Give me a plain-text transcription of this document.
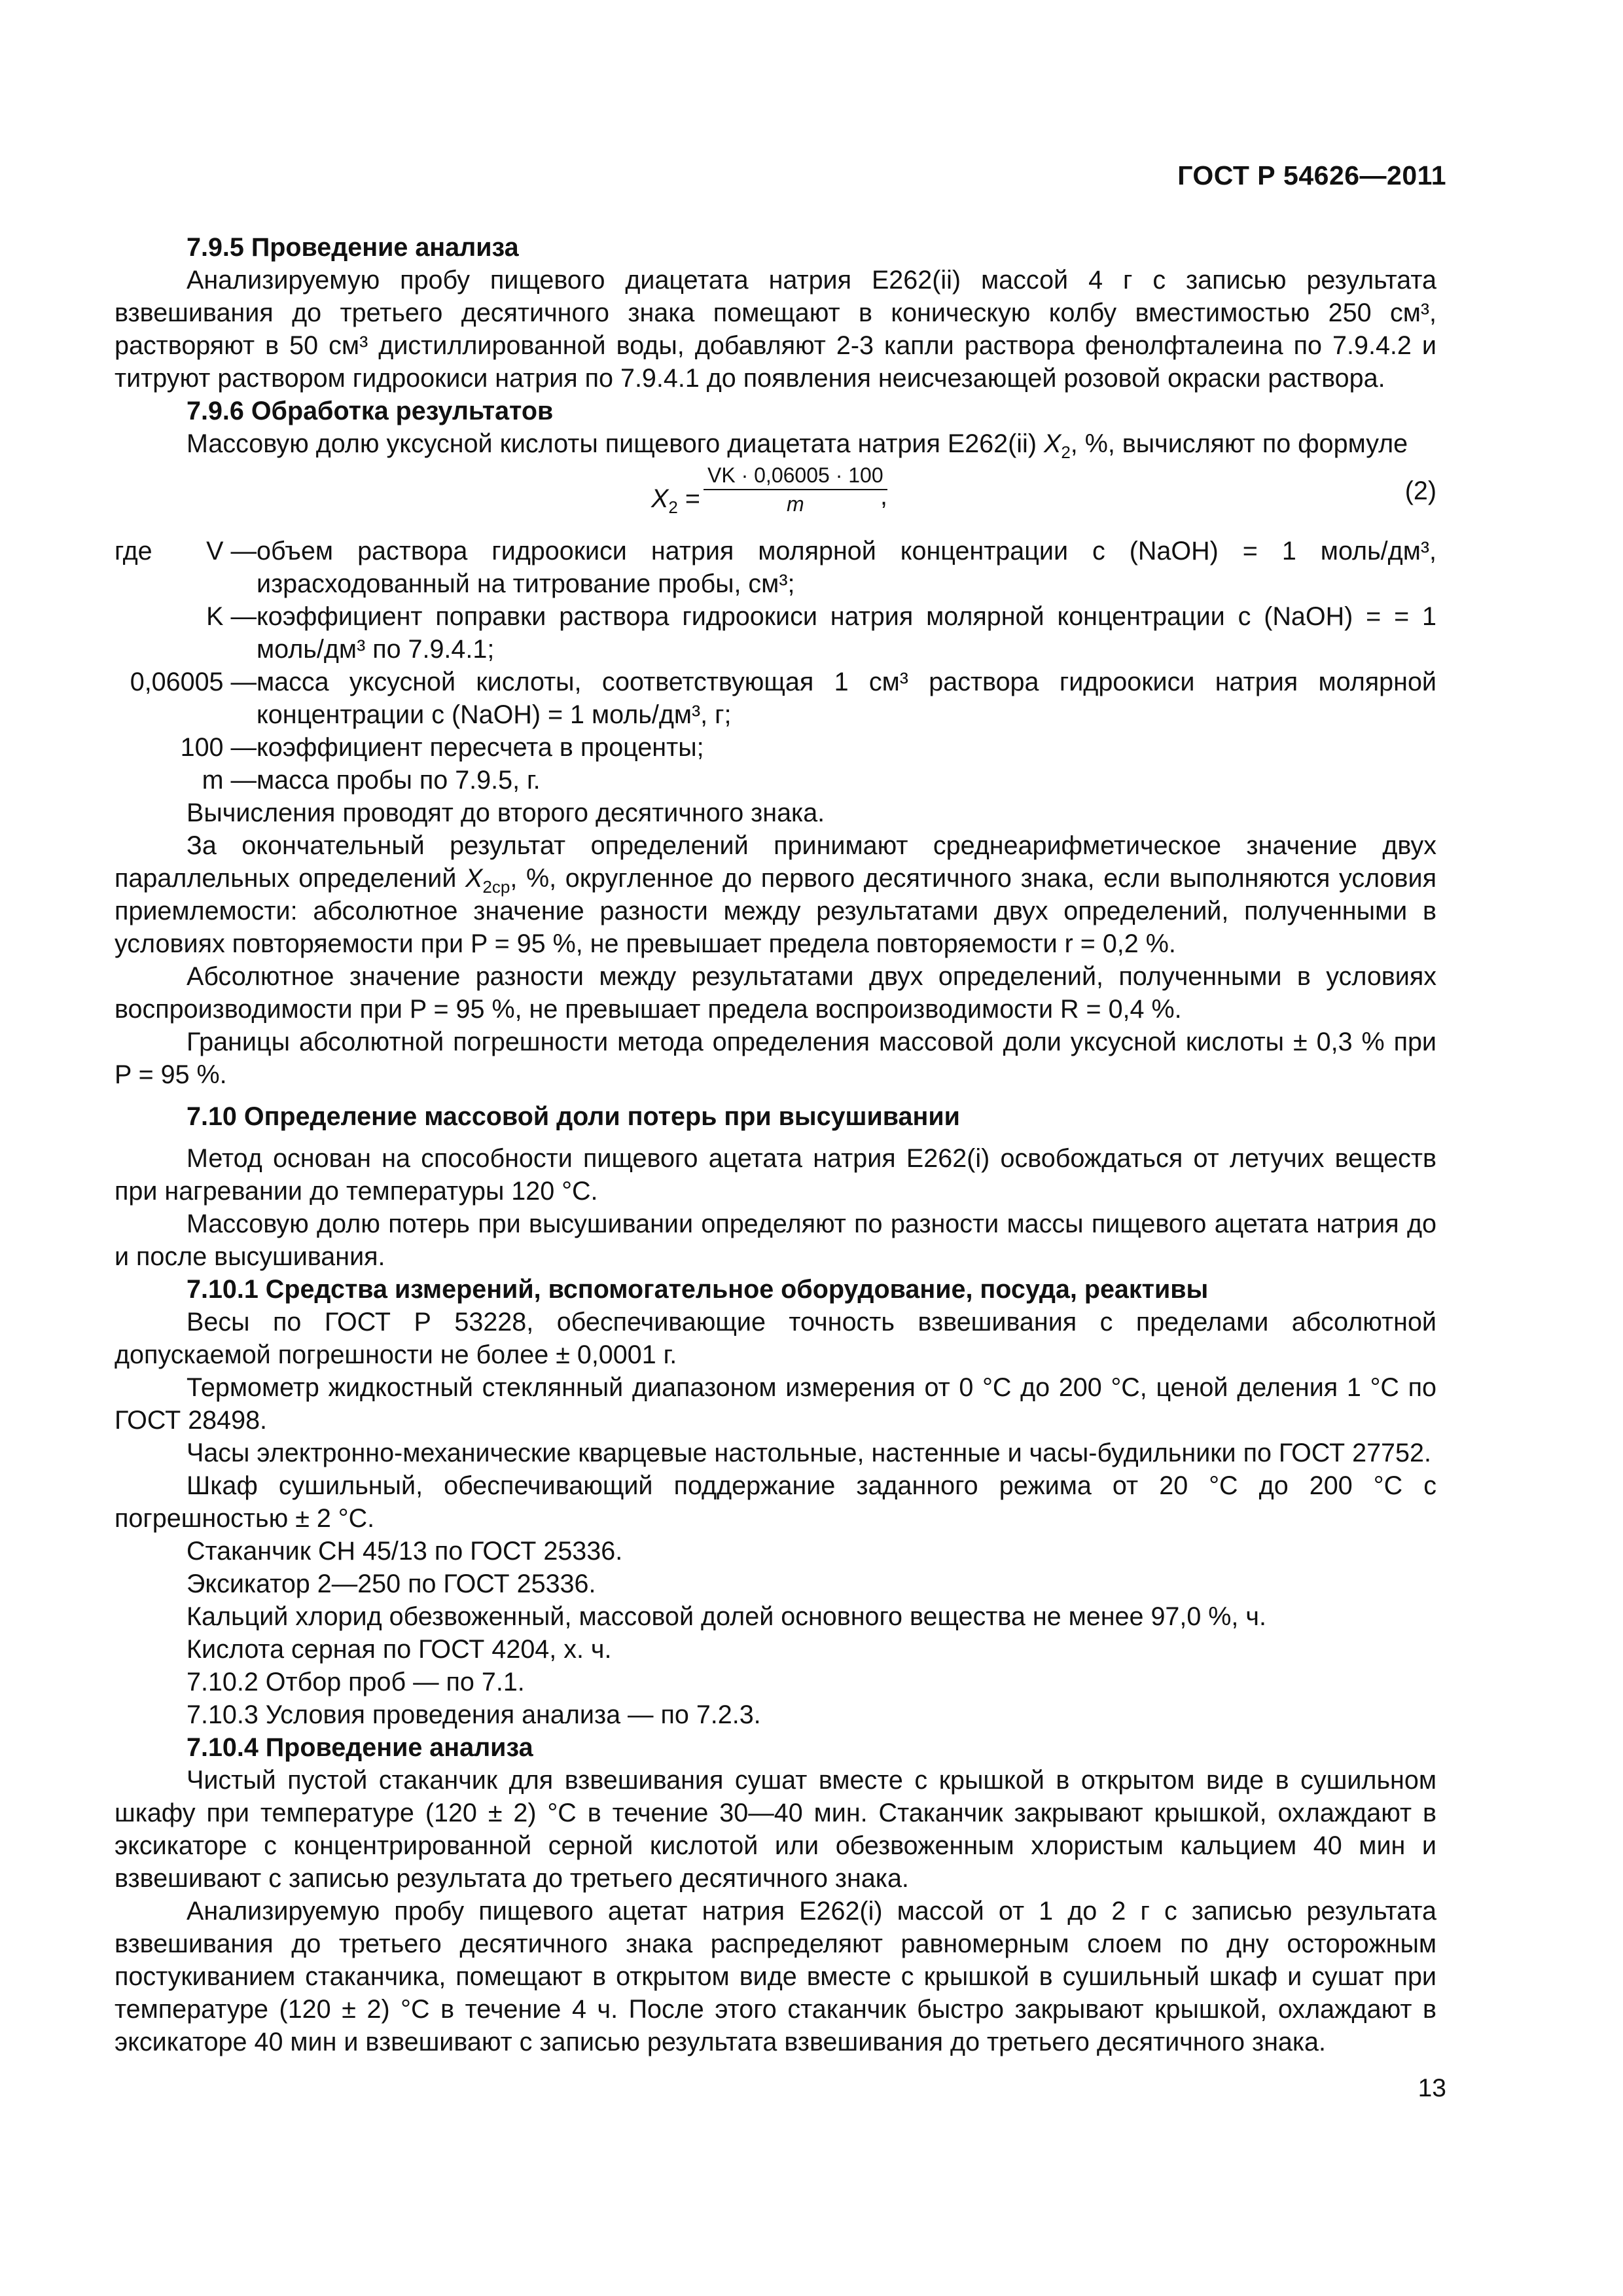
ГОСТ Р 54626—2011
7.9.5 Проведение анализа

Анализируемую пробу пищевого диацетата натрия Е262(ii) массой 4 г с записью результата взвешивания до третьего десятичного знака помещают в коническую колбу вместимостью 250 см³, растворяют в 50 см³ дистиллированной воды, добавляют 2-3 капли раствора фенолфталеина по 7.9.4.2 и титруют раствором гидроокиси натрия по 7.9.4.1 до появления неисчезающей розовой окраски раствора.

7.9.6 Обработка результатов

Массовую долю уксусной кислоты пищевого диацетата натрия Е262(ii) $X_2$, %, вычисляют по формуле

$X_2 = \frac{VK \cdot 0,06005 \cdot 100}{m}$
,	(2)
где V — объем раствора гидроокиси натрия молярной концентрации с (NaOH) = 1 моль/дм³, израсходованный на титрование пробы, см³;
K — коэффициент поправки раствора гидроокиси натрия молярной концентрации с (NaOH) = = 1 моль/дм³ по 7.9.4.1;
0,06005 — масса уксусной кислоты, соответствующая 1 см³ раствора гидроокиси натрия молярной концентрации с (NaOH) = 1 моль/дм³, г;
100 — коэффициент пересчета в проценты;
m — масса пробы по 7.9.5, г.

Вычисления проводят до второго десятичного знака.

За окончательный результат определений принимают среднеарифметическое значение двух параллельных определений $X_{2ср}$, %, округленное до первого десятичного знака, если выполняются условия приемлемости: абсолютное значение разности между результатами двух определений, полученными в условиях повторяемости при P = 95 %, не превышает предела повторяемости r = 0,2 %.

Абсолютное значение разности между результатами двух определений, полученными в условиях воспроизводимости при P = 95 %, не превышает предела воспроизводимости R = 0,4 %.

Границы абсолютной погрешности метода определения массовой доли уксусной кислоты ± 0,3 % при P = 95 %.

7.10 Определение массовой доли потерь при высушивании

Метод основан на способности пищевого ацетата натрия Е262(i) освобождаться от летучих веществ при нагревании до температуры 120 °С.

Массовую долю потерь при высушивании определяют по разности массы пищевого ацетата натрия до и после высушивания.

7.10.1 Средства измерений, вспомогательное оборудование, посуда, реактивы

Весы по ГОСТ Р 53228, обеспечивающие точность взвешивания с пределами абсолютной допускаемой погрешности не более ± 0,0001 г.

Термометр жидкостный стеклянный диапазоном измерения от 0 °С до 200 °С, ценой деления 1 °С по ГОСТ 28498.

Часы электронно-механические кварцевые настольные, настенные и часы-будильники по ГОСТ 27752.

Шкаф сушильный, обеспечивающий поддержание заданного режима от 20 °С до 200 °С с погрешностью ± 2 °С.

Стаканчик СН 45/13 по ГОСТ 25336.

Эксикатор 2—250 по ГОСТ 25336.

Кальций хлорид обезвоженный, массовой долей основного вещества не менее 97,0 %, ч.

Кислота серная по ГОСТ 4204, х. ч.

7.10.2 Отбор проб — по 7.1.

7.10.3 Условия проведения анализа — по 7.2.3.

7.10.4 Проведение анализа

Чистый пустой стаканчик для взвешивания сушат вместе с крышкой в открытом виде в сушильном шкафу при температуре (120 ± 2) °С в течение 30—40 мин. Стаканчик закрывают крышкой, охлаждают в эксикаторе с концентрированной серной кислотой или обезвоженным хлористым кальцием 40 мин и взвешивают с записью результата до третьего десятичного знака.

Анализируемую пробу пищевого ацетат натрия Е262(i) массой от 1 до 2 г с записью результата взвешивания до третьего десятичного знака распределяют равномерным слоем по дну осторожным постукиванием стаканчика, помещают в открытом виде вместе с крышкой в сушильный шкаф и сушат при температуре (120 ± 2) °С в течение 4 ч. После этого стаканчик быстро закрывают крышкой, охлаждают в эксикаторе 40 мин и взвешивают с записью результата взвешивания до третьего десятичного знака.

13
